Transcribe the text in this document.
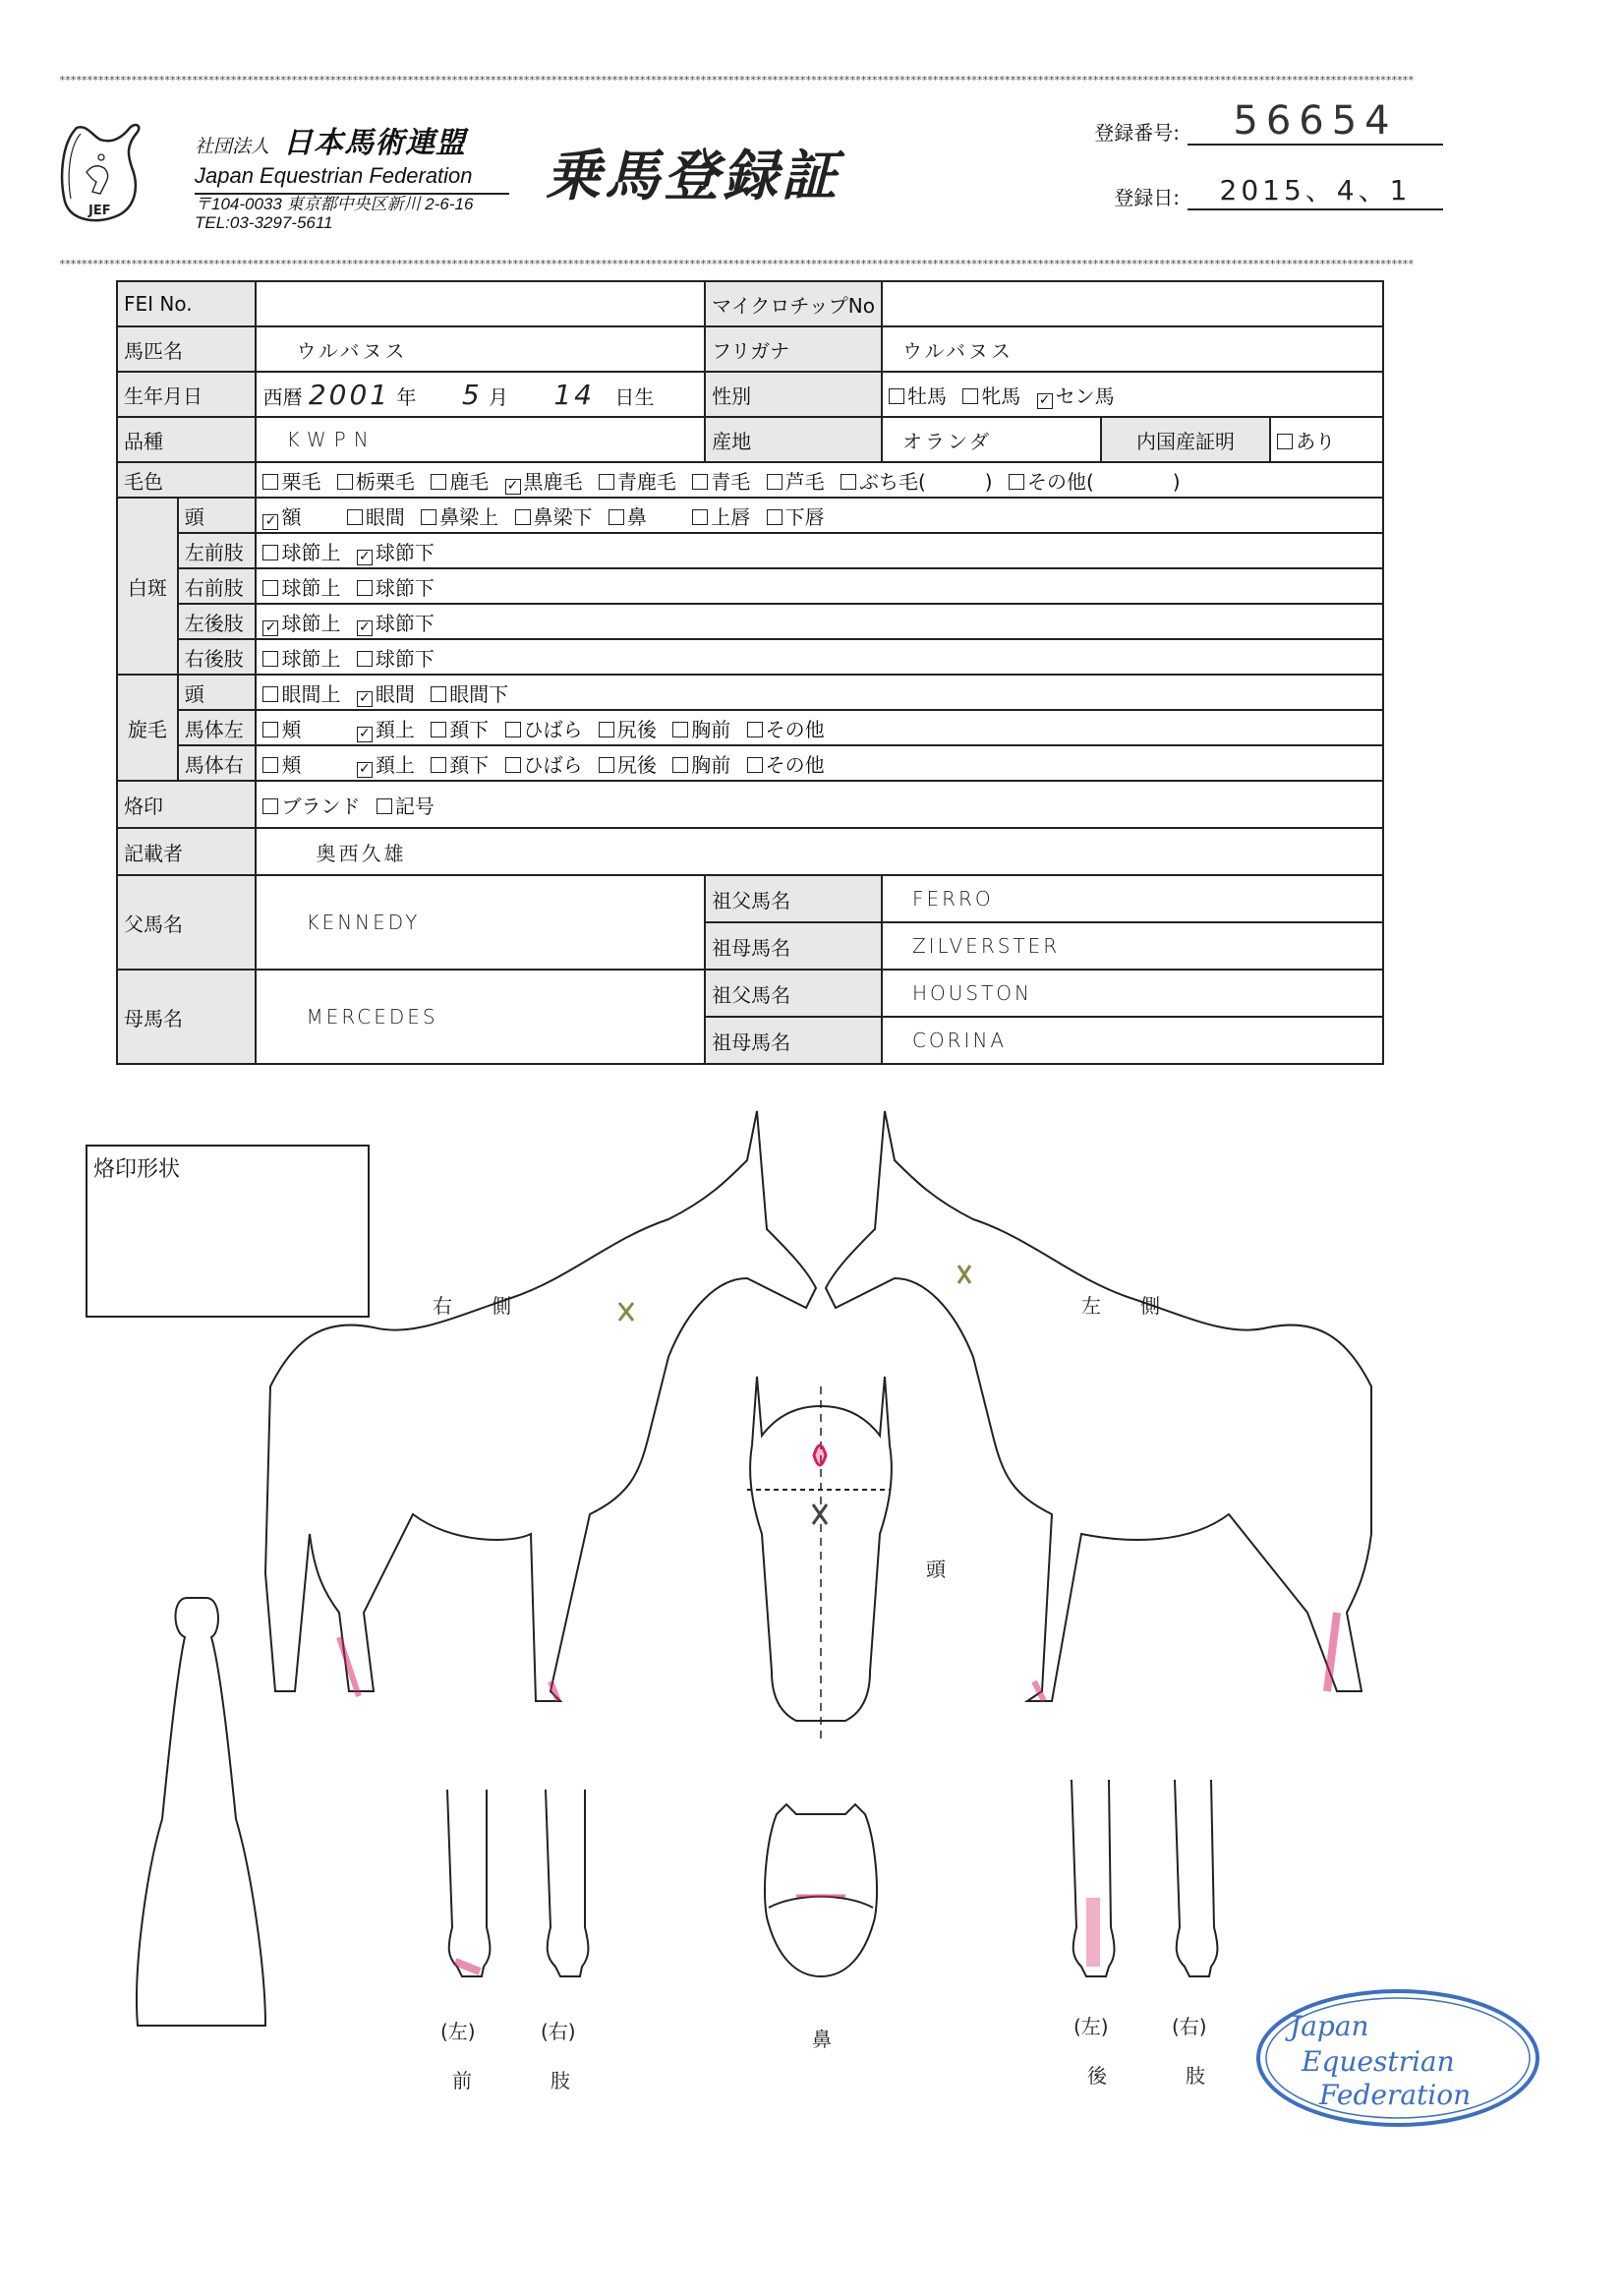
*****************************************************************************************************************************************************************************************************************************************************
JEF
社団法人 日本馬術連盟
Japan Equestrian Federation
〒104-0033 東京都中央区新川 2-6-16
TEL:03-3297-5611
乗馬登録証
登録番号:	56654
登録日:	2015、4、1
*****************************************************************************************************************************************************************************************************************************************************
FEI No.			マイクロチップNo			
馬匹名		ウルバヌス	フリガナ	ウルバヌス		
生年月日		西暦 2001 年 5 月 14 日生	性別	牡馬 牝馬 ✓ セン馬		
品種		KWPN	産地	オランダ	内国産証明	あり
毛色		栗毛 栃栗毛 鹿毛 ✓ 黒鹿毛 青鹿毛 青毛 芦毛 ぶち毛(　　　) その他(　　　　)				
白斑	頭	✓ 額 眼間 鼻梁上 鼻梁下 鼻 上唇 下唇				
	左前肢	球節上 ✓ 球節下				
	右前肢	球節上 球節下				
	左後肢	✓ 球節上 ✓ 球節下				
	右後肢	球節上 球節下				
旋毛	頭	眼間上 ✓ 眼間 眼間下				
	馬体左	頬 ✓ 頚上 頚下 ひばら 尻後 胸前 その他				
	馬体右	頬 ✓ 頚上 頚下 ひばら 尻後 胸前 その他				
烙印		ブランド 記号				
記載者		奥西久雄				
父馬名		KENNEDY	祖父馬名	FERRO		
			祖母馬名	ZILVERSTER		
母馬名		MERCEDES	祖父馬名	HOUSTON		
			祖母馬名	CORINA		
烙印形状
右　　側	左　　側
頭
(左)	(右)
前	肢
鼻
(左)	(右)
後	肢
Japan
Equestrian
Federation
